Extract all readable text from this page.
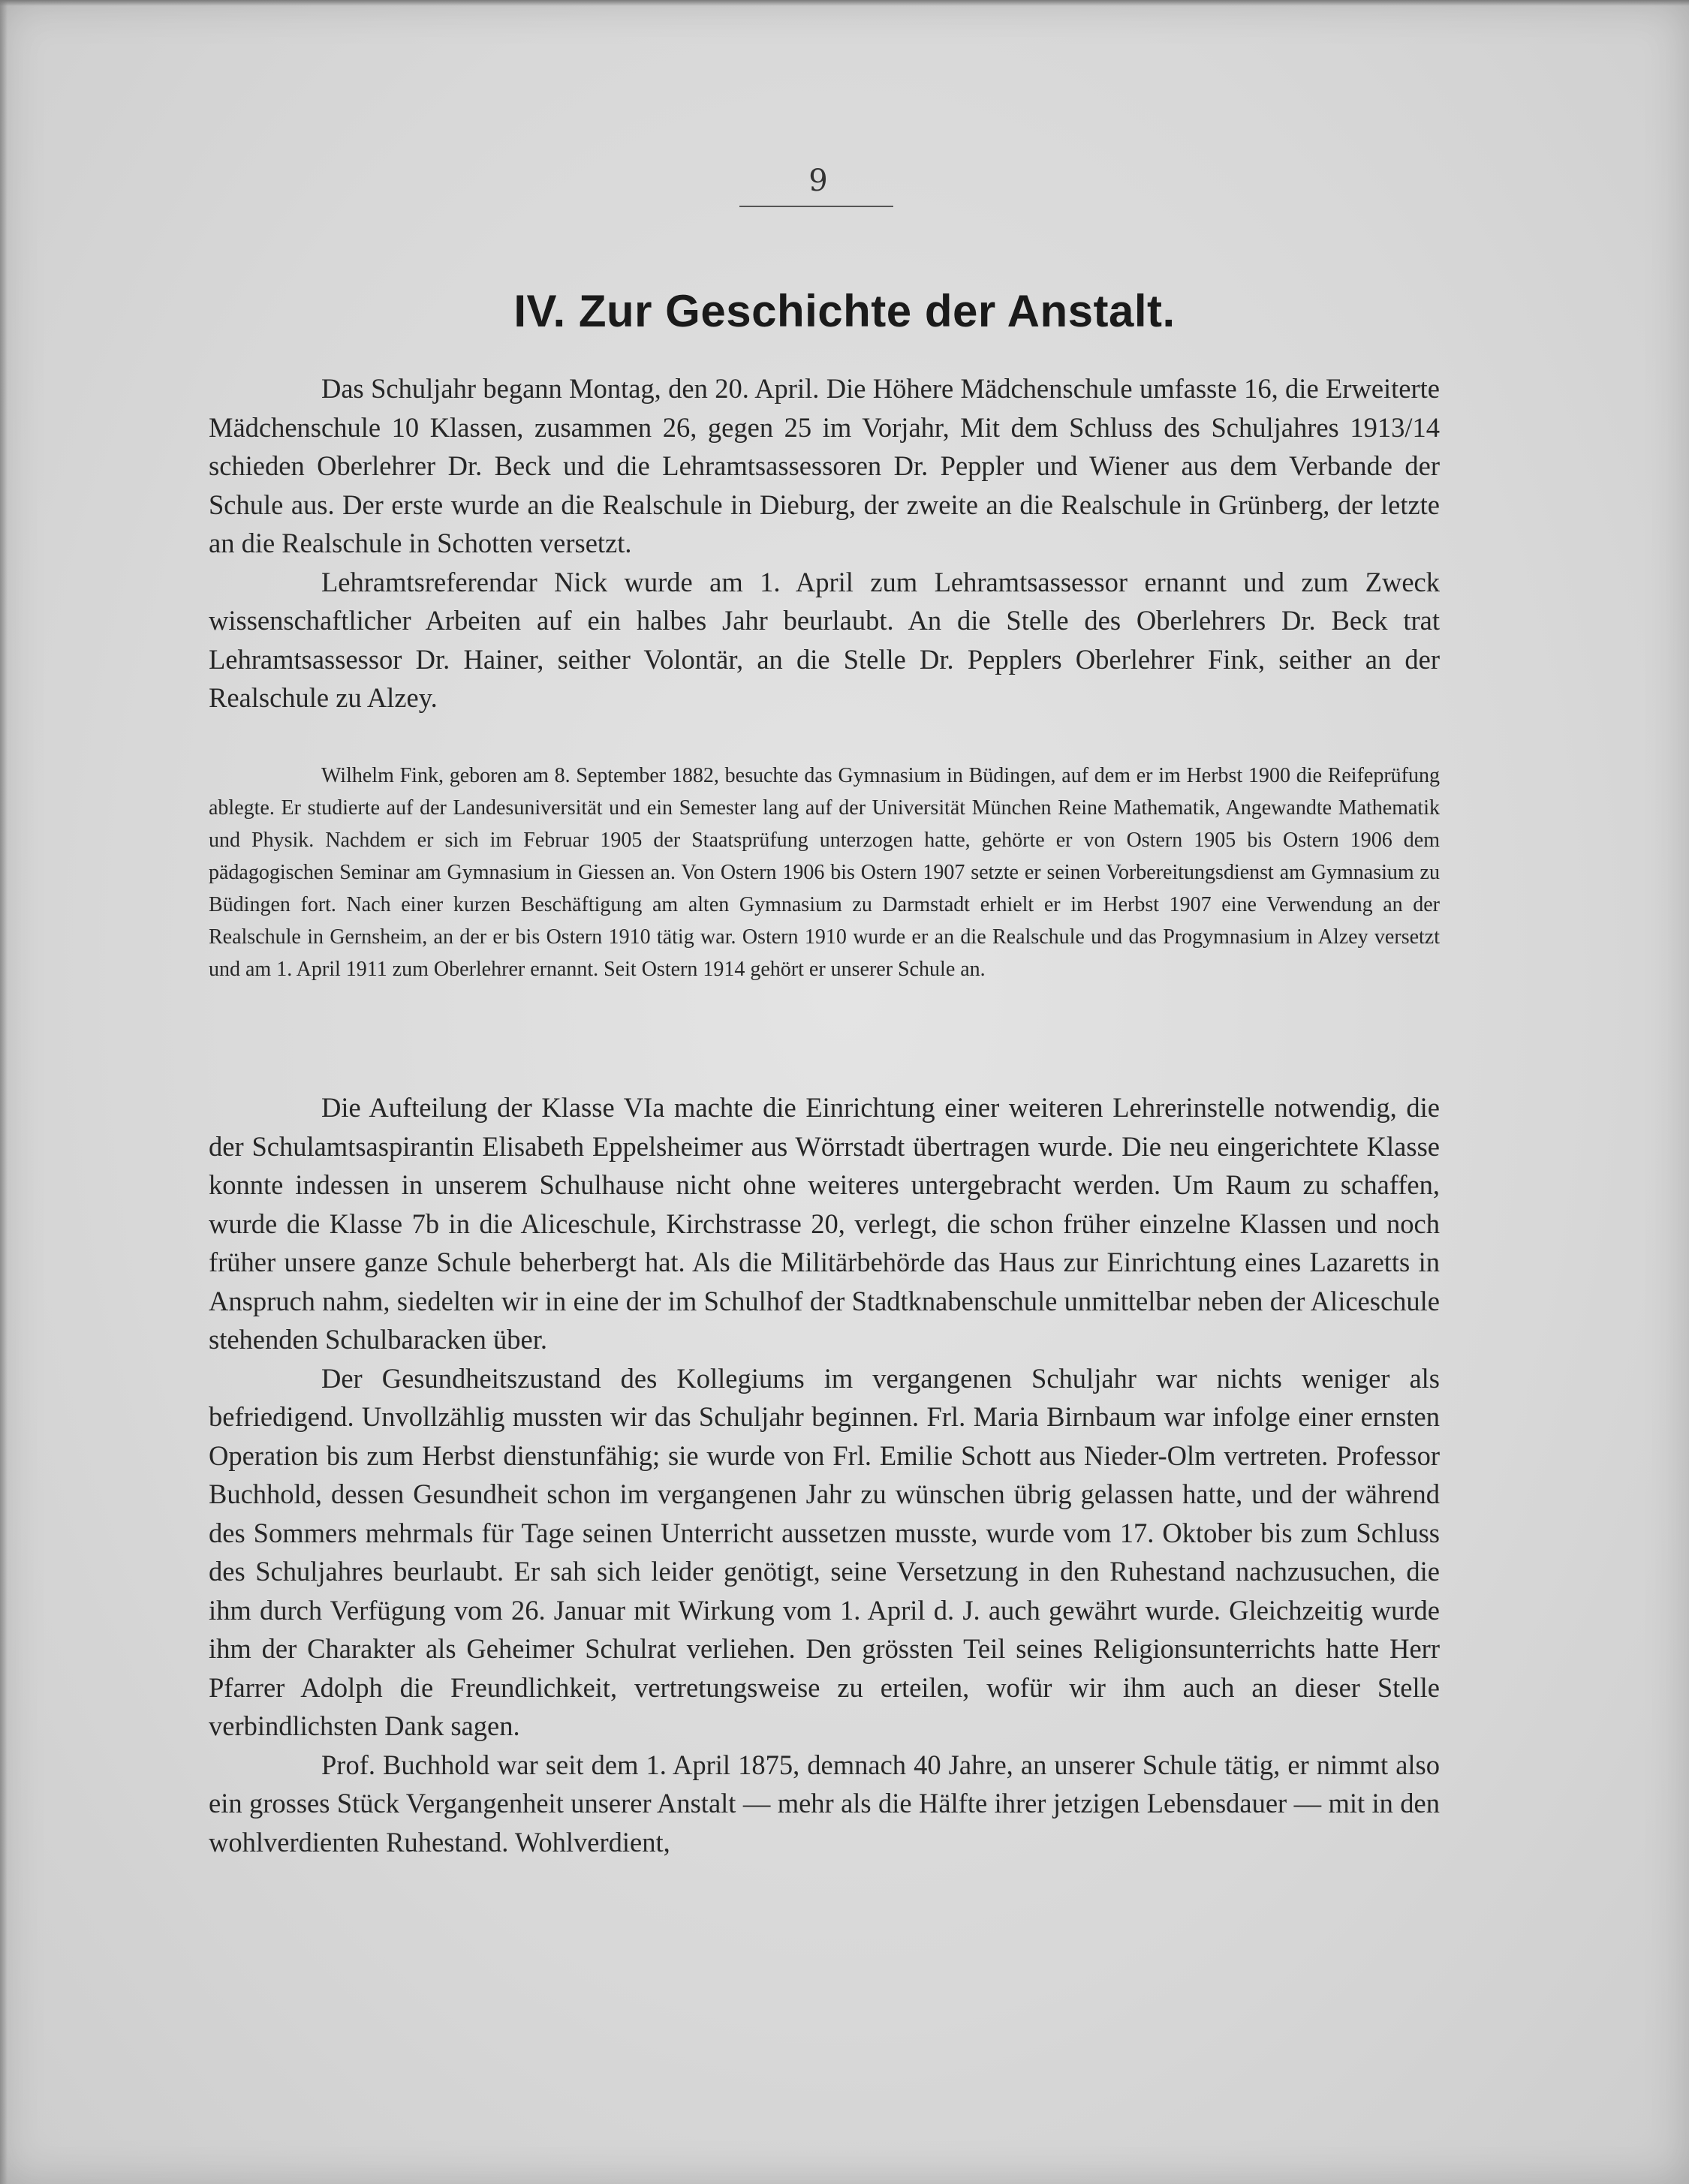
9
IV. Zur Geschichte der Anstalt.

Das Schuljahr begann Montag, den 20. April. Die Höhere Mädchenschule umfasste 16, die Erweiterte Mädchenschule 10 Klassen, zusammen 26, gegen 25 im Vorjahr, Mit dem Schluss des Schuljahres 1913/14 schieden Oberlehrer Dr. Beck und die Lehramtsassessoren Dr. Peppler und Wiener aus dem Verbande der Schule aus. Der erste wurde an die Realschule in Dieburg, der zweite an die Realschule in Grünberg, der letzte an die Realschule in Schotten versetzt.

Lehramtsreferendar Nick wurde am 1. April zum Lehramtsassessor ernannt und zum Zweck wissenschaftlicher Arbeiten auf ein halbes Jahr beurlaubt. An die Stelle des Oberlehrers Dr. Beck trat Lehramtsassessor Dr. Hainer, seither Volontär, an die Stelle Dr. Pepplers Oberlehrer Fink, seither an der Realschule zu Alzey.

Wilhelm Fink, geboren am 8. September 1882, besuchte das Gymnasium in Büdingen, auf dem er im Herbst 1900 die Reifeprüfung ablegte. Er studierte auf der Landesuniversität und ein Semester lang auf der Universität München Reine Mathematik, Angewandte Mathematik und Physik. Nachdem er sich im Februar 1905 der Staatsprüfung unterzogen hatte, gehörte er von Ostern 1905 bis Ostern 1906 dem pädagogischen Seminar am Gymnasium in Giessen an. Von Ostern 1906 bis Ostern 1907 setzte er seinen Vorbereitungsdienst am Gymnasium zu Büdingen fort. Nach einer kurzen Beschäftigung am alten Gymnasium zu Darmstadt erhielt er im Herbst 1907 eine Verwendung an der Realschule in Gernsheim, an der er bis Ostern 1910 tätig war. Ostern 1910 wurde er an die Realschule und das Progymnasium in Alzey versetzt und am 1. April 1911 zum Oberlehrer ernannt. Seit Ostern 1914 gehört er unserer Schule an.

Die Aufteilung der Klasse VIa machte die Einrichtung einer weiteren Lehrerinstelle notwendig, die der Schulamtsaspirantin Elisabeth Eppelsheimer aus Wörrstadt übertragen wurde. Die neu eingerichtete Klasse konnte indessen in unserem Schulhause nicht ohne weiteres untergebracht werden. Um Raum zu schaffen, wurde die Klasse 7b in die Aliceschule, Kirchstrasse 20, verlegt, die schon früher einzelne Klassen und noch früher unsere ganze Schule beherbergt hat. Als die Militärbehörde das Haus zur Einrichtung eines Lazaretts in Anspruch nahm, siedelten wir in eine der im Schulhof der Stadtknabenschule unmittelbar neben der Aliceschule stehenden Schulbaracken über.

Der Gesundheitszustand des Kollegiums im vergangenen Schuljahr war nichts weniger als befriedigend. Unvollzählig mussten wir das Schuljahr beginnen. Frl. Maria Birnbaum war infolge einer ernsten Operation bis zum Herbst dienstunfähig; sie wurde von Frl. Emilie Schott aus Nieder-Olm vertreten. Professor Buchhold, dessen Gesundheit schon im vergangenen Jahr zu wünschen übrig gelassen hatte, und der während des Sommers mehrmals für Tage seinen Unterricht aussetzen musste, wurde vom 17. Oktober bis zum Schluss des Schuljahres beurlaubt. Er sah sich leider genötigt, seine Versetzung in den Ruhestand nachzusuchen, die ihm durch Verfügung vom 26. Januar mit Wirkung vom 1. April d. J. auch gewährt wurde. Gleichzeitig wurde ihm der Charakter als Geheimer Schulrat verliehen. Den grössten Teil seines Religionsunterrichts hatte Herr Pfarrer Adolph die Freundlichkeit, vertretungsweise zu erteilen, wofür wir ihm auch an dieser Stelle verbindlichsten Dank sagen.

Prof. Buchhold war seit dem 1. April 1875, demnach 40 Jahre, an unserer Schule tätig, er nimmt also ein grosses Stück Vergangenheit unserer Anstalt — mehr als die Hälfte ihrer jetzigen Lebensdauer — mit in den wohlverdienten Ruhestand. Wohlverdient,
